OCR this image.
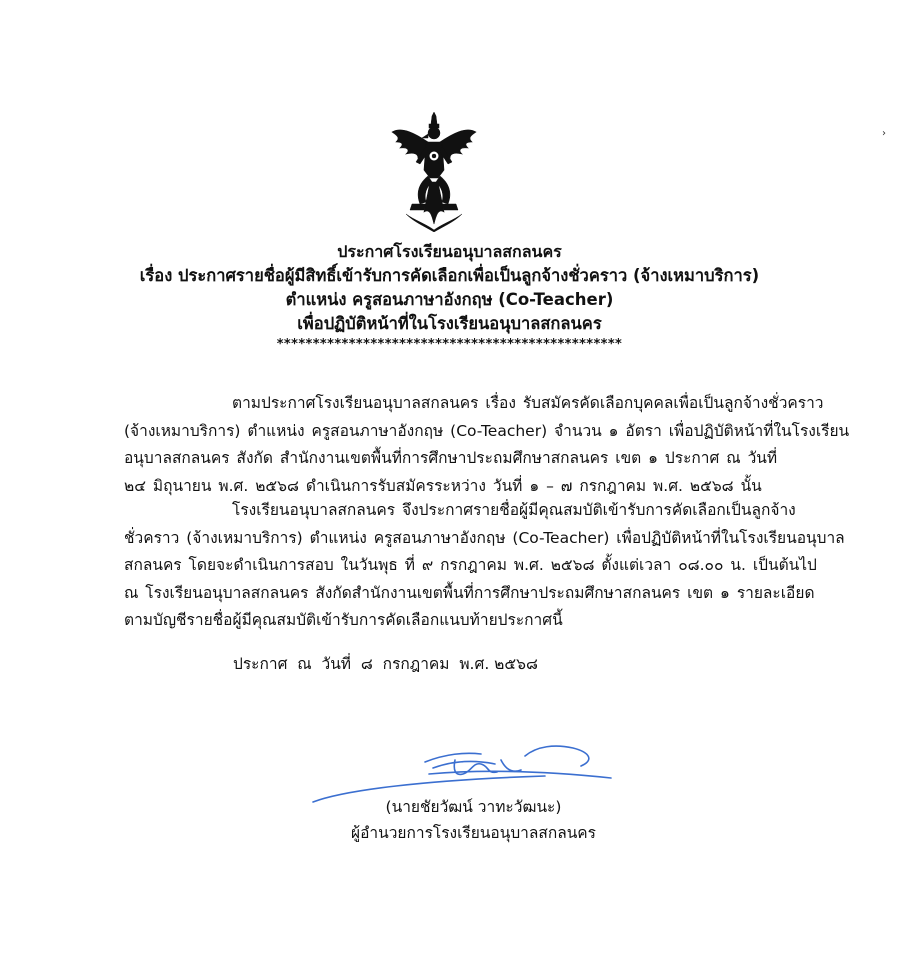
ประกาศโรงเรียนอนุบาลสกลนคร
เรื่อง ประกาศรายชื่อผู้มีสิทธิ์เข้ารับการคัดเลือกเพื่อเป็นลูกจ้างชั่วคราว (จ้างเหมาบริการ)
ตำแหน่ง ครูสอนภาษาอังกฤษ (Co-Teacher)
เพื่อปฏิบัติหน้าที่ในโรงเรียนอนุบาลสกลนคร
************************************************
ตามประกาศโรงเรียนอนุบาลสกลนคร เรื่อง รับสมัครคัดเลือกบุคคลเพื่อเป็นลูกจ้างชั่วคราว
(จ้างเหมาบริการ) ตำแหน่ง ครูสอนภาษาอังกฤษ (Co-Teacher) จำนวน ๑ อัตรา เพื่อปฏิบัติหน้าที่ในโรงเรียน
อนุบาลสกลนคร สังกัด สำนักงานเขตพื้นที่การศึกษาประถมศึกษาสกลนคร เขต ๑ ประกาศ ณ วันที่
๒๔ มิถุนายน พ.ศ. ๒๕๖๘ ดำเนินการรับสมัครระหว่าง วันที่ ๑ – ๗ กรกฎาคม พ.ศ. ๒๕๖๘ นั้น
โรงเรียนอนุบาลสกลนคร จึงประกาศรายชื่อผู้มีคุณสมบัติเข้ารับการคัดเลือกเป็นลูกจ้าง
ชั่วคราว (จ้างเหมาบริการ) ตำแหน่ง ครูสอนภาษาอังกฤษ (Co-Teacher) เพื่อปฏิบัติหน้าที่ในโรงเรียนอนุบาล
สกลนคร โดยจะดำเนินการสอบ ในวันพุธ ที่ ๙ กรกฎาคม พ.ศ. ๒๕๖๘ ตั้งแต่เวลา ๐๘.๐๐ น. เป็นต้นไป
ณ โรงเรียนอนุบาลสกลนคร สังกัดสำนักงานเขตพื้นที่การศึกษาประถมศึกษาสกลนคร เขต ๑ รายละเอียด
ตามบัญชีรายชื่อผู้มีคุณสมบัติเข้ารับการคัดเลือกแนบท้ายประกาศนี้
ประกาศ  ณ  วันที่  ๘  กรกฎาคม  พ.ศ. ๒๕๖๘
(นายชัยวัฒน์ วาทะวัฒนะ)
ผู้อำนวยการโรงเรียนอนุบาลสกลนคร
›
